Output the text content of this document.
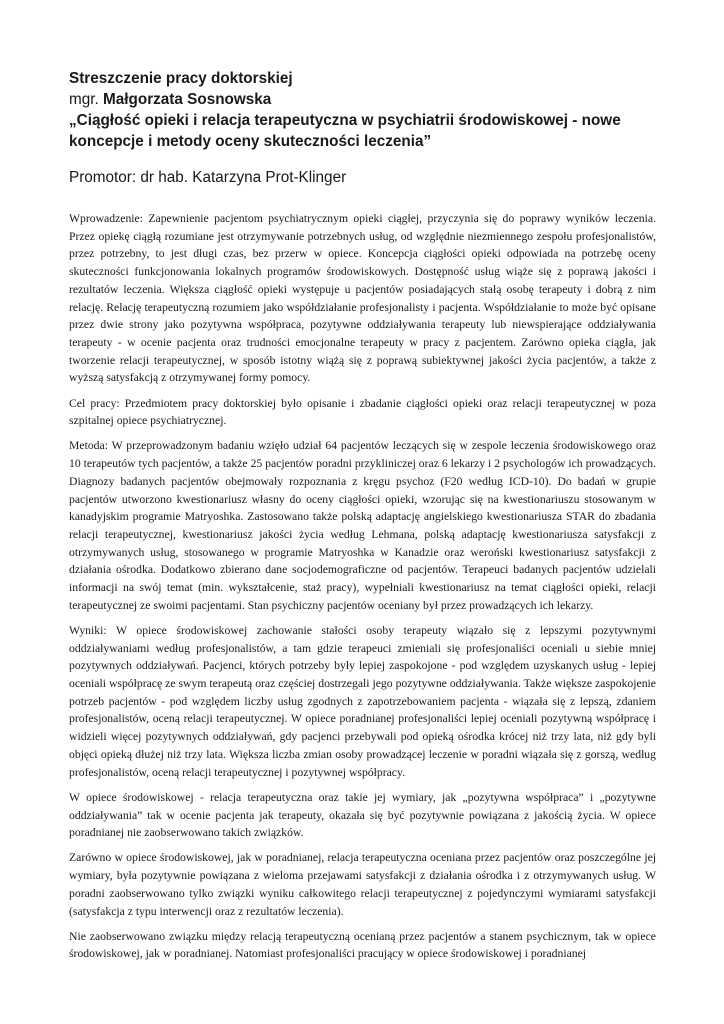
Streszczenie pracy doktorskiej
mgr. Małgorzata Sosnowska
„Ciągłość opieki i relacja terapeutyczna w psychiatrii środowiskowej - nowe
koncepcje i metody oceny skuteczności leczenia”
Promotor: dr hab. Katarzyna Prot-Klinger

Wprowadzenie: Zapewnienie pacjentom psychiatrycznym opieki ciągłej, przyczynia się do poprawy wyników leczenia. Przez opiekę ciągłą rozumiane jest otrzymywanie potrzebnych usług, od względnie niezmiennego zespołu profesjonalistów, przez potrzebny, to jest długi czas, bez przerw w opiece. Koncepcja ciągłości opieki odpowiada na potrzebę oceny skuteczności funkcjonowania lokalnych programów środowiskowych. Dostępność usług wiąże się z poprawą jakości i rezultatów leczenia. Większa ciągłość opieki występuje u pacjentów posiadających stałą osobę terapeuty i dobrą z nim relację. Relację terapeutyczną rozumiem jako współdziałanie profesjonalisty i pacjenta. Współdziałanie to może być opisane przez dwie strony jako pozytywna współpraca, pozytywne oddziaływania terapeuty lub niewspierające oddziaływania terapeuty - w ocenie pacjenta oraz trudności emocjonalne terapeuty w pracy z pacjentem. Zarówno opieka ciągła, jak tworzenie relacji terapeutycznej, w sposób istotny wiążą się z poprawą subiektywnej jakości życia pacjentów, a także z wyższą satysfakcją z otrzymywanej formy pomocy.

Cel pracy: Przedmiotem pracy doktorskiej było opisanie i zbadanie ciągłości opieki oraz relacji terapeutycznej w poza szpitalnej opiece psychiatrycznej.

Metoda: W przeprowadzonym badaniu wzięło udział 64 pacjentów leczących się w zespole leczenia środowiskowego oraz 10 terapeutów tych pacjentów, a także 25 pacjentów poradni przykliniczej oraz 6 lekarzy i 2 psychologów ich prowadzących. Diagnozy badanych pacjentów obejmowały rozpoznania z kręgu psychoz (F20 według ICD-10). Do badań w grupie pacjentów utworzono kwestionariusz własny do oceny ciągłości opieki, wzorując się na kwestionariuszu stosowanym w kanadyjskim programie Matryoshka. Zastosowano także polską adaptację angielskiego kwestionariusza STAR do zbadania relacji terapeutycznej, kwestionariusz jakości życia według Lehmana, polską adaptację kwestionariusza satysfakcji z otrzymywanych usług, stosowanego w programie Matryoshka w Kanadzie oraz weroński kwestionariusz satysfakcji z działania ośrodka. Dodatkowo zbierano dane socjodemograficzne od pacjentów. Terapeuci badanych pacjentów udzielali informacji na swój temat (min. wykształcenie, staż pracy), wypełniali kwestionariusz na temat ciągłości opieki, relacji terapeutycznej ze swoimi pacjentami. Stan psychiczny pacjentów oceniany był przez prowadzących ich lekarzy.

Wyniki: W opiece środowiskowej zachowanie stałości osoby terapeuty wiązało się z lepszymi pozytywnymi oddziaływaniami według profesjonalistów, a tam gdzie terapeuci zmieniali się profesjonaliści oceniali u siebie mniej pozytywnych oddziaływań. Pacjenci, których potrzeby były lepiej zaspokojone - pod względem uzyskanych usług - lepiej oceniali współpracę ze swym terapeutą oraz częściej dostrzegali jego pozytywne oddziaływania. Także większe zaspokojenie potrzeb pacjentów - pod względem liczby usług zgodnych z zapotrzebowaniem pacjenta - wiązała się z lepszą, zdaniem profesjonalistów, oceną relacji terapeutycznej. W opiece poradnianej profesjonaliści lepiej oceniali pozytywną współpracę i widzieli więcej pozytywnych oddziaływań, gdy pacjenci przebywali pod opieką ośrodka krócej niż trzy lata, niż gdy byli objęci opieką dłużej niż trzy lata. Większa liczba zmian osoby prowadzącej leczenie w poradni wiązała się z gorszą, według profesjonalistów, oceną relacji terapeutycznej i pozytywnej współpracy.

W opiece środowiskowej - relacja terapeutyczna oraz takie jej wymiary, jak „pozytywna współpraca” i „pozytywne oddziaływania” tak w ocenie pacjenta jak terapeuty, okazała się być pozytywnie powiązana z jakością życia. W opiece poradnianej nie zaobserwowano takich związków.

Zarówno w opiece środowiskowej, jak w poradnianej, relacja terapeutyczna oceniana przez pacjentów oraz poszczególne jej wymiary, była pozytywnie powiązana z wieloma przejawami satysfakcji z działania ośrodka i z otrzymywanych usług. W poradni zaobserwowano tylko związki wyniku całkowitego relacji terapeutycznej z pojedynczymi wymiarami satysfakcji (satysfakcja z typu interwencji oraz z rezultatów leczenia).

Nie zaobserwowano związku między relacją terapeutyczną ocenianą przez pacjentów a stanem psychicznym, tak w opiece środowiskowej, jak w poradnianej. Natomiast profesjonaliści pracujący w opiece środowiskowej i poradnianej
